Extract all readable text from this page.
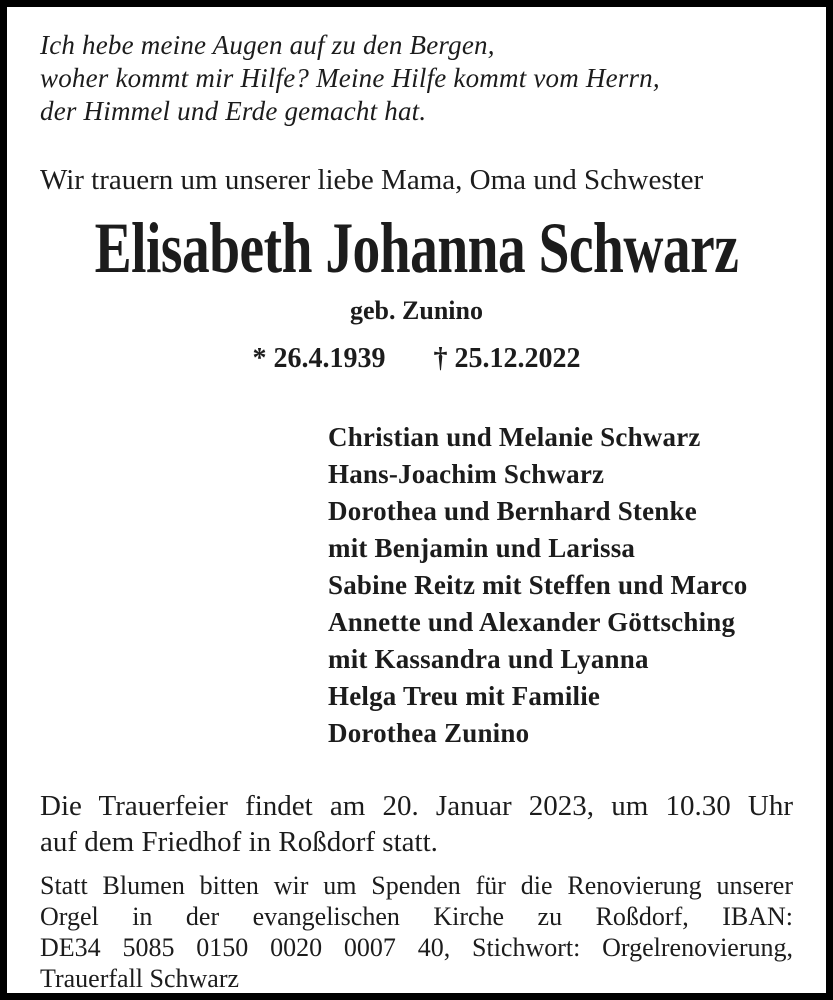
Ich hebe meine Augen auf zu den Bergen,
woher kommt mir Hilfe? Meine Hilfe kommt vom Herrn,
der Himmel und Erde gemacht hat.
Wir trauern um unserer liebe Mama, Oma und Schwester
Elisabeth Johanna Schwarz
geb. Zunino
* 26.4.1939 † 25.12.2022
Christian und Melanie Schwarz
Hans-Joachim Schwarz
Dorothea und Bernhard Stenke
mit Benjamin und Larissa
Sabine Reitz mit Steffen und Marco
Annette und Alexander Göttsching
mit Kassandra und Lyanna
Helga Treu mit Familie
Dorothea Zunino
Die Trauerfeier findet am 20. Januar 2023, um 10.30 Uhr
auf dem Friedhof in Roßdorf statt.
Statt Blumen bitten wir um Spenden für die Renovierung unserer
Orgel in der evangelischen Kirche zu Roßdorf, IBAN:
DE34 5085 0150 0020 0007 40, Stichwort: Orgelrenovierung,
Trauerfall Schwarz
